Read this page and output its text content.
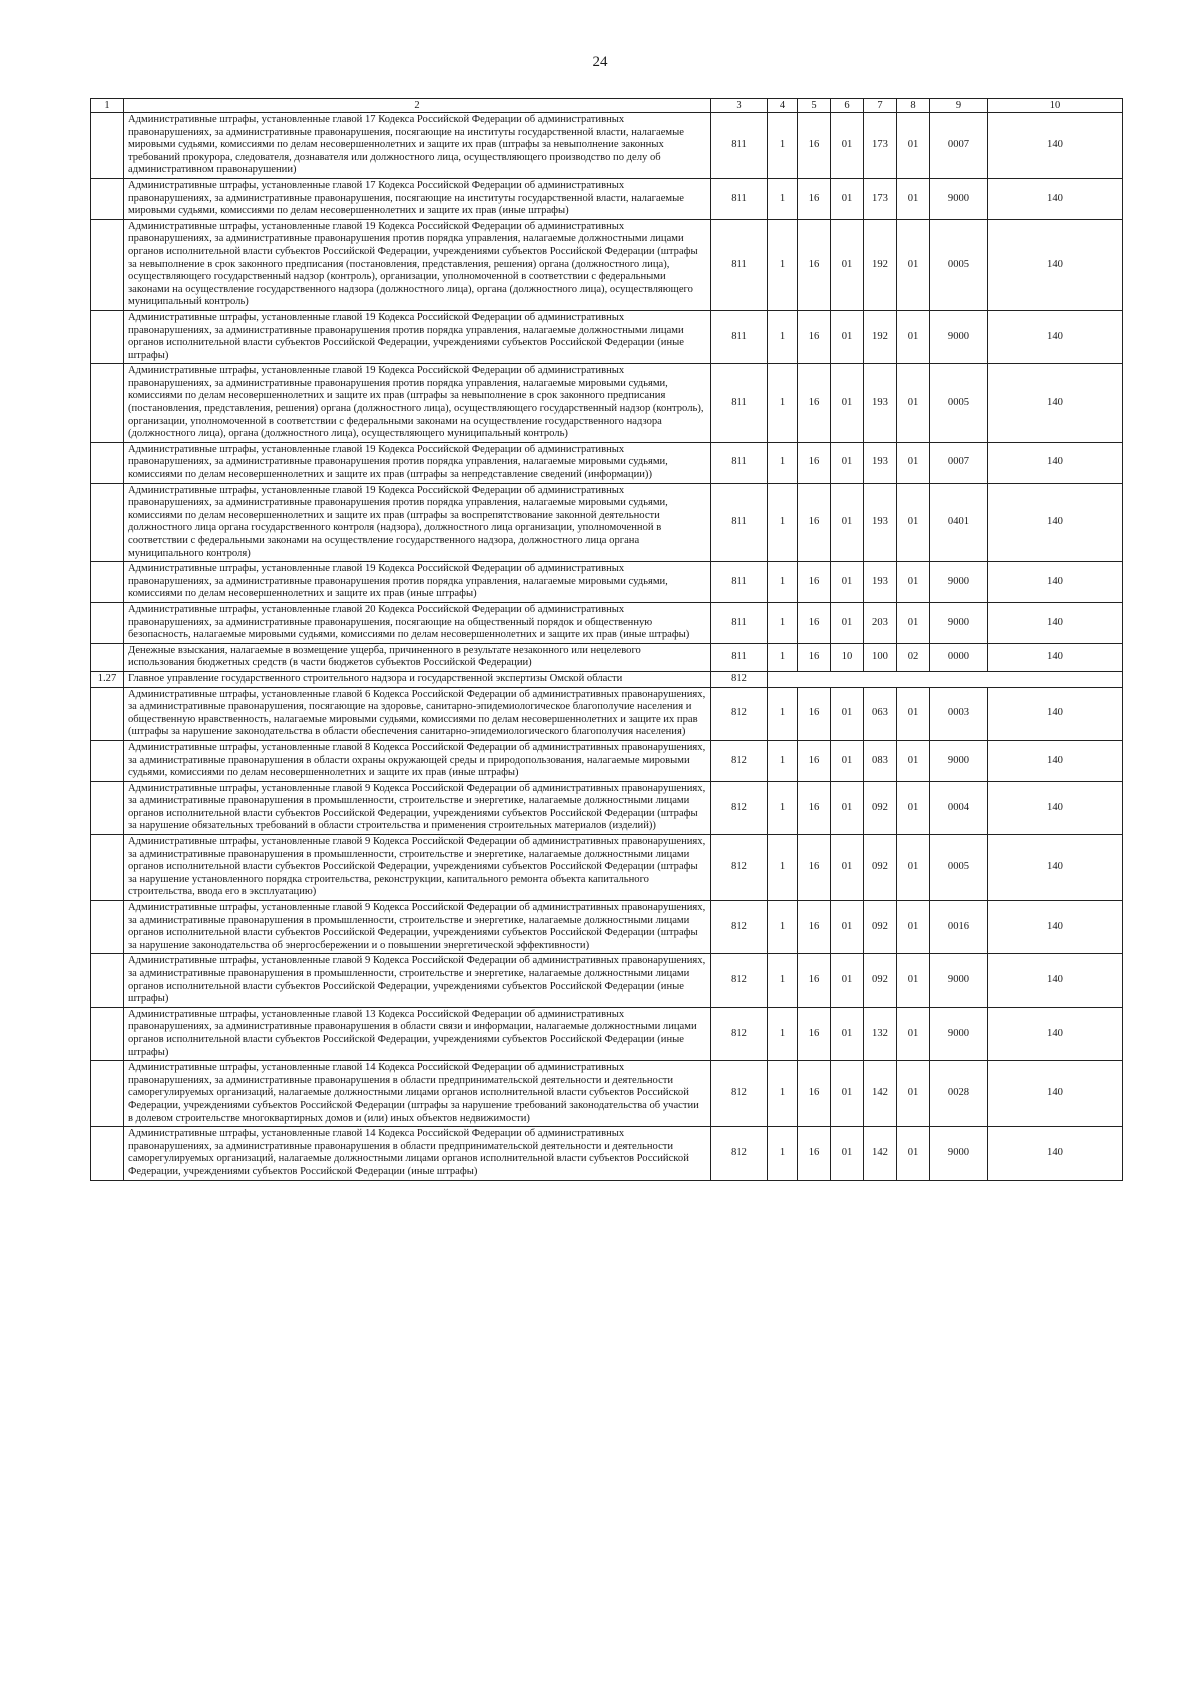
24
1	2	3	4	5	6	7	8	9	10
	Административные штрафы, установленные главой 17 Кодекса Российской Федерации об административных правонарушениях, за административные правонарушения, посягающие на институты государственной власти, налагаемые мировыми судьями, комиссиями по делам несовершеннолетних и защите их прав (штрафы за невыполнение законных требований прокурора, следователя, дознавателя или должностного лица, осуществляющего производство по делу об административном правонарушении)	811	1	16	01	173	01	0007	140
	Административные штрафы, установленные главой 17 Кодекса Российской Федерации об административных правонарушениях, за административные правонарушения, посягающие на институты государственной власти, налагаемые мировыми судьями, комиссиями по делам несовершеннолетних и защите их прав (иные штрафы)	811	1	16	01	173	01	9000	140
	Административные штрафы, установленные главой 19 Кодекса Российской Федерации об административных правонарушениях, за административные правонарушения против порядка управления, налагаемые должностными лицами органов исполнительной власти субъектов Российской Федерации, учреждениями субъектов Российской Федерации (штрафы за невыполнение в срок законного предписания (постановления, представления, решения) органа (должностного лица), осуществляющего государственный надзор (контроль), организации, уполномоченной в соответствии с федеральными законами на осуществление государственного надзора (должностного лица), органа (должностного лица), осуществляющего муниципальный контроль)	811	1	16	01	192	01	0005	140
	Административные штрафы, установленные главой 19 Кодекса Российской Федерации об административных правонарушениях, за административные правонарушения против порядка управления, налагаемые должностными лицами органов исполнительной власти субъектов Российской Федерации, учреждениями субъектов Российской Федерации (иные штрафы)	811	1	16	01	192	01	9000	140
	Административные штрафы, установленные главой 19 Кодекса Российской Федерации об административных правонарушениях, за административные правонарушения против порядка управления, налагаемые мировыми судьями, комиссиями по делам несовершеннолетних и защите их прав (штрафы за невыполнение в срок законного предписания (постановления, представления, решения) органа (должностного лица), осуществляющего государственный надзор (контроль), организации, уполномоченной в соответствии с федеральными законами на осуществление государственного надзора (должностного лица), органа (должностного лица), осуществляющего муниципальный контроль)	811	1	16	01	193	01	0005	140
	Административные штрафы, установленные главой 19 Кодекса Российской Федерации об административных правонарушениях, за административные правонарушения против порядка управления, налагаемые мировыми судьями, комиссиями по делам несовершеннолетних и защите их прав (штрафы за непредставление сведений (информации))	811	1	16	01	193	01	0007	140
	Административные штрафы, установленные главой 19 Кодекса Российской Федерации об административных правонарушениях, за административные правонарушения против порядка управления, налагаемые мировыми судьями, комиссиями по делам несовершеннолетних и защите их прав (штрафы за воспрепятствование законной деятельности должностного лица органа государственного контроля (надзора), должностного лица организации, уполномоченной в соответствии с федеральными законами на осуществление государственного надзора, должностного лица органа муниципального контроля)	811	1	16	01	193	01	0401	140
	Административные штрафы, установленные главой 19 Кодекса Российской Федерации об административных правонарушениях, за административные правонарушения против порядка управления, налагаемые мировыми судьями, комиссиями по делам несовершеннолетних и защите их прав (иные штрафы)	811	1	16	01	193	01	9000	140
	Административные штрафы, установленные главой 20 Кодекса Российской Федерации об административных правонарушениях, за административные правонарушения, посягающие на общественный порядок и общественную безопасность, налагаемые мировыми судьями, комиссиями по делам несовершеннолетних и защите их прав (иные штрафы)	811	1	16	01	203	01	9000	140
	Денежные взыскания, налагаемые в возмещение ущерба, причиненного в результате незаконного или нецелевого использования бюджетных средств (в части бюджетов субъектов Российской Федерации)	811	1	16	10	100	02	0000	140
1.27	Главное управление государственного строительного надзора и государственной экспертизы Омской области	812							
	Административные штрафы, установленные главой 6 Кодекса Российской Федерации об административных правонарушениях, за административные правонарушения, посягающие на здоровье, санитарно-эпидемиологическое благополучие населения и общественную нравственность, налагаемые мировыми судьями, комиссиями по делам несовершеннолетних и защите их прав (штрафы за нарушение законодательства в области обеспечения санитарно-эпидемиологического благополучия населения)	812	1	16	01	063	01	0003	140
	Административные штрафы, установленные главой 8 Кодекса Российской Федерации об административных правонарушениях, за административные правонарушения в области охраны окружающей среды и природопользования, налагаемые мировыми судьями, комиссиями по делам несовершеннолетних и защите их прав (иные штрафы)	812	1	16	01	083	01	9000	140
	Административные штрафы, установленные главой 9 Кодекса Российской Федерации об административных правонарушениях, за административные правонарушения в промышленности, строительстве и энергетике, налагаемые должностными лицами органов исполнительной власти субъектов Российской Федерации, учреждениями субъектов Российской Федерации (штрафы за нарушение обязательных требований в области строительства и применения строительных материалов (изделий))	812	1	16	01	092	01	0004	140
	Административные штрафы, установленные главой 9 Кодекса Российской Федерации об административных правонарушениях, за административные правонарушения в промышленности, строительстве и энергетике, налагаемые должностными лицами органов исполнительной власти субъектов Российской Федерации, учреждениями субъектов Российской Федерации (штрафы за нарушение установленного порядка строительства, реконструкции, капитального ремонта объекта капитального строительства, ввода его в эксплуатацию)	812	1	16	01	092	01	0005	140
	Административные штрафы, установленные главой 9 Кодекса Российской Федерации об административных правонарушениях, за административные правонарушения в промышленности, строительстве и энергетике, налагаемые должностными лицами органов исполнительной власти субъектов Российской Федерации, учреждениями субъектов Российской Федерации (штрафы за нарушение законодательства об энергосбережении и о повышении энергетической эффективности)	812	1	16	01	092	01	0016	140
	Административные штрафы, установленные главой 9 Кодекса Российской Федерации об административных правонарушениях, за административные правонарушения в промышленности, строительстве и энергетике, налагаемые должностными лицами органов исполнительной власти субъектов Российской Федерации, учреждениями субъектов Российской Федерации (иные штрафы)	812	1	16	01	092	01	9000	140
	Административные штрафы, установленные главой 13 Кодекса Российской Федерации об административных правонарушениях, за административные правонарушения в области связи и информации, налагаемые должностными лицами органов исполнительной власти субъектов Российской Федерации, учреждениями субъектов Российской Федерации (иные штрафы)	812	1	16	01	132	01	9000	140
	Административные штрафы, установленные главой 14 Кодекса Российской Федерации об административных правонарушениях, за административные правонарушения в области предпринимательской деятельности и деятельности саморегулируемых организаций, налагаемые должностными лицами органов исполнительной власти субъектов Российской Федерации, учреждениями субъектов Российской Федерации (штрафы за нарушение требований законодательства об участии в долевом строительстве многоквартирных домов и (или) иных объектов недвижимости)	812	1	16	01	142	01	0028	140
	Административные штрафы, установленные главой 14 Кодекса Российской Федерации об административных правонарушениях, за административные правонарушения в области предпринимательской деятельности и деятельности саморегулируемых организаций, налагаемые должностными лицами органов исполнительной власти субъектов Российской Федерации, учреждениями субъектов Российской Федерации (иные штрафы)	812	1	16	01	142	01	9000	140
